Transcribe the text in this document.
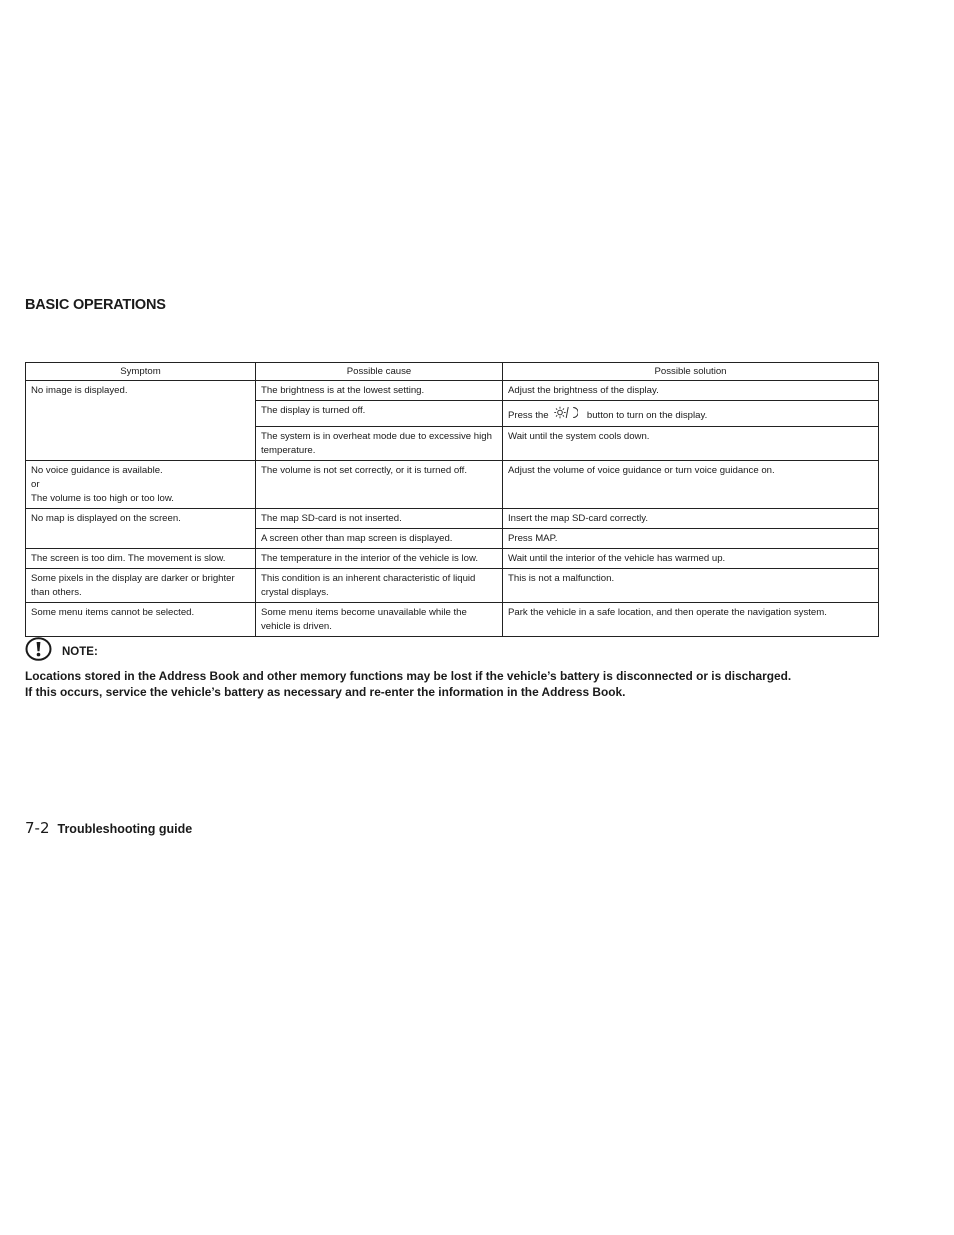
BASIC OPERATIONS
Symptom	Possible cause	Possible solution
No image is displayed.	The brightness is at the lowest setting.	Adjust the brightness of the display.
	The display is turned off.	Press the button to turn on the display.
	The system is in overheat mode due to excessive high temperature.	Wait until the system cools down.
No voice guidance is available.
or
The volume is too high or too low.	The volume is not set correctly, or it is turned off.	Adjust the volume of voice guidance or turn voice guidance on.
No map is displayed on the screen.	The map SD-card is not inserted.	Insert the map SD-card correctly.
	A screen other than map screen is displayed.	Press MAP.
The screen is too dim. The movement is slow.	The temperature in the interior of the vehicle is low.	Wait until the interior of the vehicle has warmed up.
Some pixels in the display are darker or brighter than others.	This condition is an inherent characteristic of liquid crystal displays.	This is not a malfunction.
Some menu items cannot be selected.	Some menu items become unavailable while the vehicle is driven.	Park the vehicle in a safe location, and then operate the navigation system.
NOTE:
Locations stored in the Address Book and other memory functions may be lost if the vehicle’s battery is disconnected or is discharged.
If this occurs, service the vehicle’s battery as necessary and re-enter the information in the Address Book.
7-2 Troubleshooting guide
